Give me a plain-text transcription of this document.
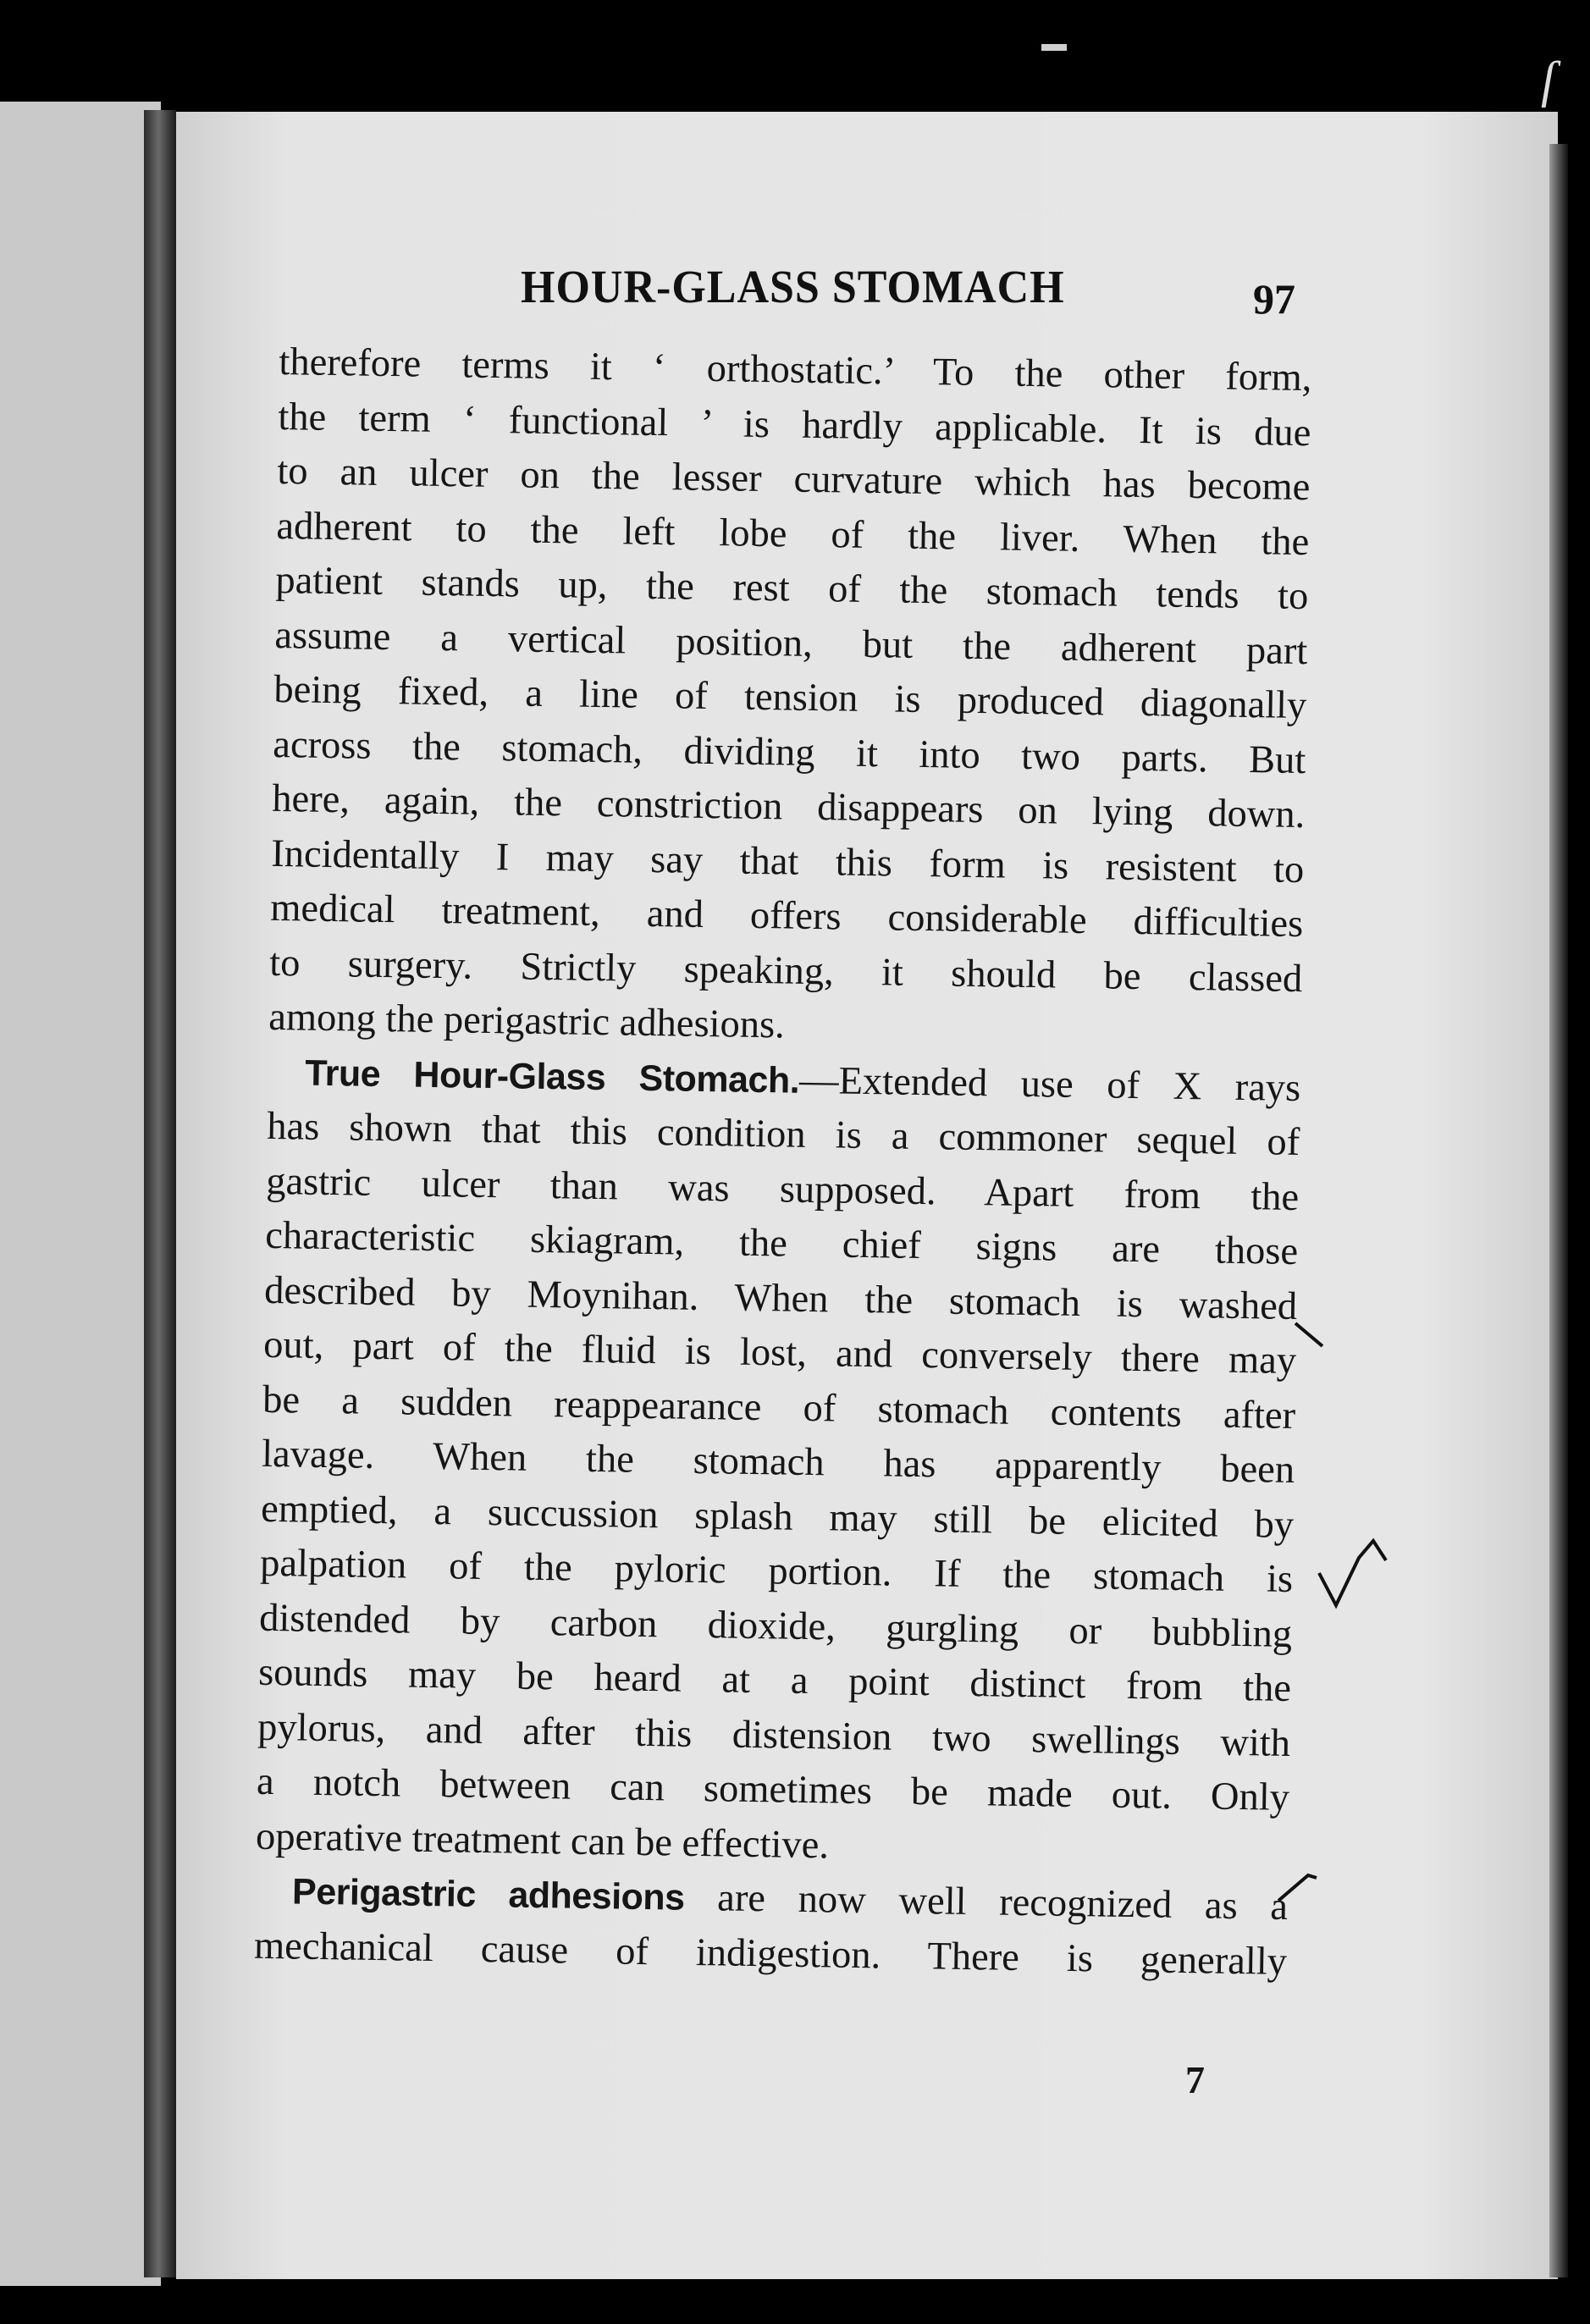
ſ
HOUR-GLASS STOMACH	97
therefore terms it ‘ orthostatic.’ To the other form,
the term ‘ functional ’ is hardly applicable. It is due
to an ulcer on the lesser curvature which has become
adherent to the left lobe of the liver. When the
patient stands up, the rest of the stomach tends to
assume a vertical position, but the adherent part
being fixed, a line of tension is produced diagonally
across the stomach, dividing it into two parts. But
here, again, the constriction disappears on lying down.
Incidentally I may say that this form is resistent to
medical treatment, and offers considerable difficulties
to surgery. Strictly speaking, it should be classed
among the perigastric adhesions.
True Hour-Glass Stomach.—Extended use of X rays
has shown that this condition is a commoner sequel of
gastric ulcer than was supposed. Apart from the
characteristic skiagram, the chief signs are those
described by Moynihan. When the stomach is washed
out, part of the fluid is lost, and conversely there may
be a sudden reappearance of stomach contents after
lavage. When the stomach has apparently been
emptied, a succussion splash may still be elicited by
palpation of the pyloric portion. If the stomach is
distended by carbon dioxide, gurgling or bubbling
sounds may be heard at a point distinct from the
pylorus, and after this distension two swellings with
a notch between can sometimes be made out. Only
operative treatment can be effective.
Perigastric adhesions are now well recognized as a
mechanical cause of indigestion. There is generally
7
